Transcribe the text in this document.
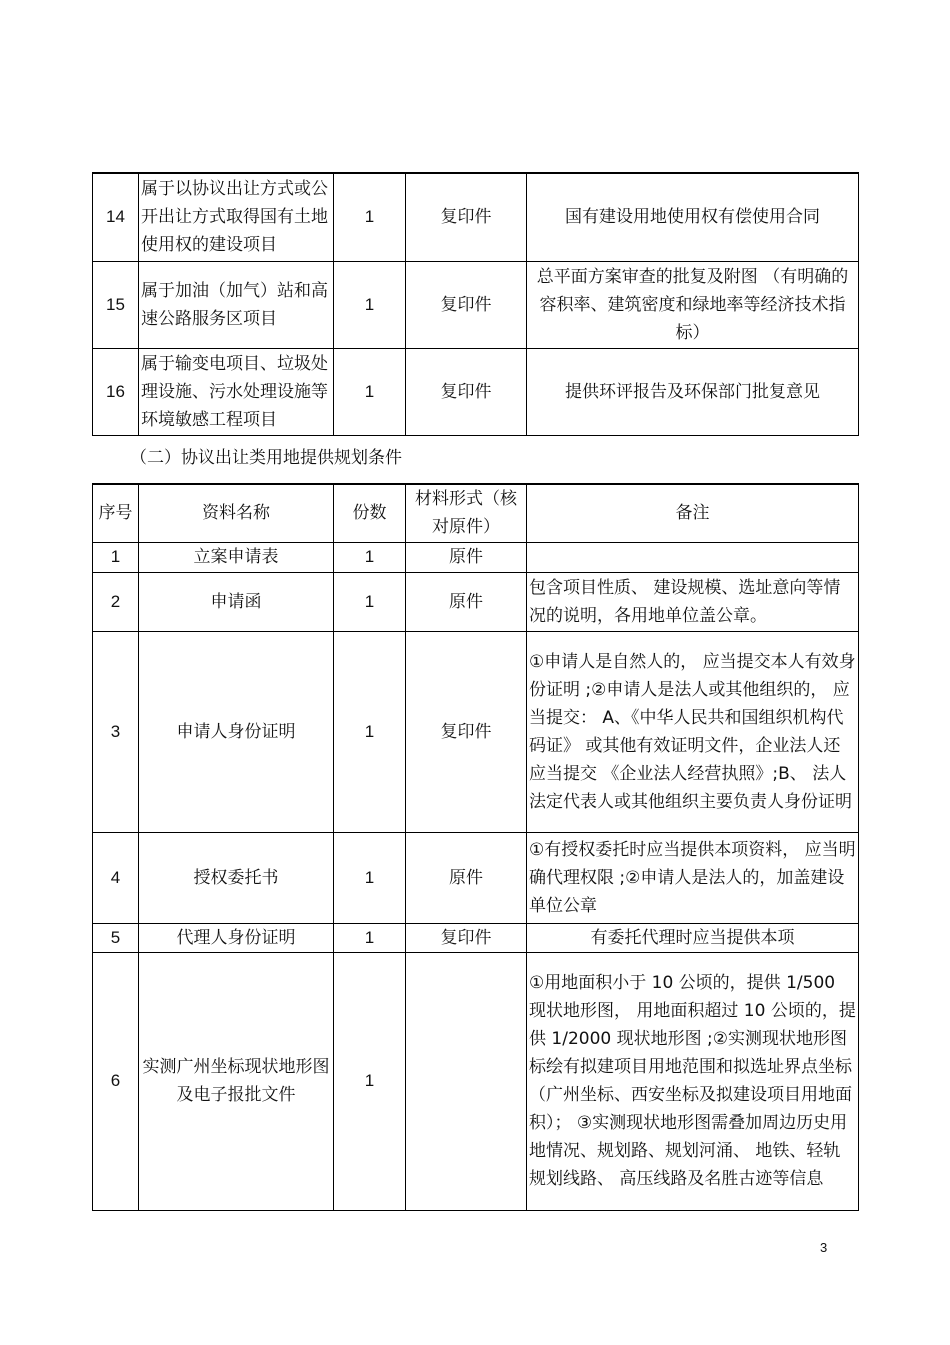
14	属于以协议出让方式或公开出让方式取得国有土地使用权的建设项目	1	复印件	国有建设用地使用权有偿使用合同
15	属于加油（加气）站和高速公路服务区项目	1	复印件	总平面方案审查的批复及附图 （有明确的容积率、建筑密度和绿地率等经济技术指标）
16	属于输变电项目、垃圾处理设施、污水处理设施等环境敏感工程项目	1	复印件	提供环评报告及环保部门批复意见
（二）协议出让类用地提供规划条件
序号	资料名称	份数	材料形式（核对原件）	备注
1	立案申请表	1	原件	
2	申请函	1	原件	包含项目性质、 建设规模、选址意向等情况的说明，各用地单位盖公章。
3	申请人身份证明	1	复印件	①申请人是自然人的， 应当提交本人有效身份证明 ;②申请人是法人或其他组织的， 应当提交： A、《中华人民共和国组织机构代码证》 或其他有效证明文件，企业法人还应当提交 《企业法人经营执照》;B、 法人法定代表人或其他组织主要负责人身份证明
4	授权委托书	1	原件	①有授权委托时应当提供本项资料， 应当明确代理权限 ;②申请人是法人的，加盖建设单位公章
5	代理人身份证明	1	复印件	有委托代理时应当提供本项
6	实测广州坐标现状地形图及电子报批文件	1		①用地面积小于 10 公顷的，提供 1/500 现状地形图， 用地面积超过 10 公顷的，提供 1/2000 现状地形图 ;②实测现状地形图标绘有拟建项目用地范围和拟选址界点坐标（广州坐标、西安坐标及拟建设项目用地面积）； ③实测现状地形图需叠加周边历史用地情况、规划路、规划河涌、 地铁、轻轨规划线路、 高压线路及名胜古迹等信息
3
